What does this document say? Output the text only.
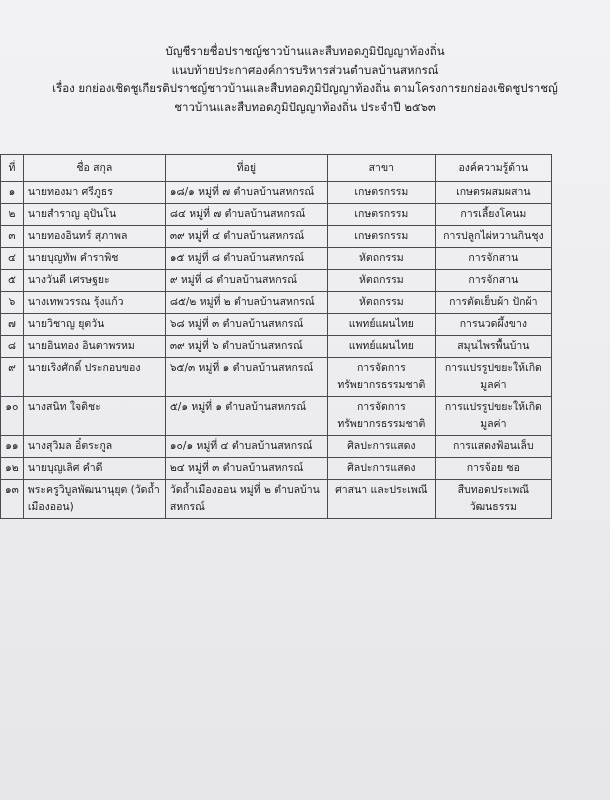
บัญชีรายชื่อปราชญ์ชาวบ้านและสืบทอดภูมิปัญญาท้องถิ่น
แนบท้ายประกาศองค์การบริหารส่วนตำบลบ้านสหกรณ์
เรื่อง ยกย่องเชิดชูเกียรติปราชญ์ชาวบ้านและสืบทอดภูมิปัญญาท้องถิ่น ตามโครงการยกย่องเชิดชูปราชญ์
ชาวบ้านและสืบทอดภูมิปัญญาท้องถิ่น ประจำปี ๒๕๖๓
ที่	ชื่อ สกุล	ที่อยู่	สาขา	องค์ความรู้ด้าน
๑	นายทองมา ศรีภูธร	๑๘/๑ หมู่ที่ ๗ ตำบลบ้านสหกรณ์	เกษตรกรรม	เกษตรผสมผสาน
๒	นายสำราญ อุปันโน	๘๔ หมู่ที่ ๗ ตำบลบ้านสหกรณ์	เกษตรกรรม	การเลี้ยงโคนม
๓	นายทองอินทร์ สุภาพล	๓๙ หมู่ที่ ๔ ตำบลบ้านสหกรณ์	เกษตรกรรม	การปลูกไผ่หวานกินชุง
๔	นายบุญทัพ คำราพิช	๑๕ หมู่ที่ ๘ ตำบลบ้านสหกรณ์	หัตถกรรม	การจักสาน
๕	นางวันดี เศรษฐยะ	๙ หมู่ที่ ๘ ตำบลบ้านสหกรณ์	หัตถกรรม	การจักสาน
๖	นางเทพวรรณ รุ้งแก้ว	๘๕/๒ หมู่ที่ ๒ ตำบลบ้านสหกรณ์	หัตถกรรม	การตัดเย็บผ้า ปักผ้า
๗	นายวิชาญ ยุตวัน	๖๘ หมู่ที่ ๓ ตำบลบ้านสหกรณ์	แพทย์แผนไทย	การนวดผึ้งขาง
๘	นายอินทอง อินตาพรหม	๓๙ หมู่ที่ ๖ ตำบลบ้านสหกรณ์	แพทย์แผนไทย	สมุนไพรพื้นบ้าน
๙	นายเริงศักดิ์ ประกอบของ	๖๕/๓ หมู่ที่ ๑ ตำบลบ้านสหกรณ์	การจัดการทรัพยากรธรรมชาติ	การแปรรูปขยะให้เกิดมูลค่า
๑๐	นางสนิท ใจติชะ	๕/๑ หมู่ที่ ๑ ตำบลบ้านสหกรณ์	การจัดการทรัพยากรธรรมชาติ	การแปรรูปขยะให้เกิดมูลค่า
๑๑	นางสุวิมล อิ๋ตระกูล	๑๐/๑ หมู่ที่ ๔ ตำบลบ้านสหกรณ์	ศิลปะการแสดง	การแสดงฟ้อนเล็บ
๑๒	นายบุญเลิศ คำดี	๒๔ หมู่ที่ ๓ ตำบลบ้านสหกรณ์	ศิลปะการแสดง	การจ้อย ซอ
๑๓	พระครูวิบูลพัฒนานุยุต (วัดถ้ำเมืองออน)	วัดถ้ำเมืองออน หมู่ที่ ๒ ตำบลบ้านสหกรณ์	ศาสนา และประเพณี	สืบทอดประเพณีวัฒนธรรม
